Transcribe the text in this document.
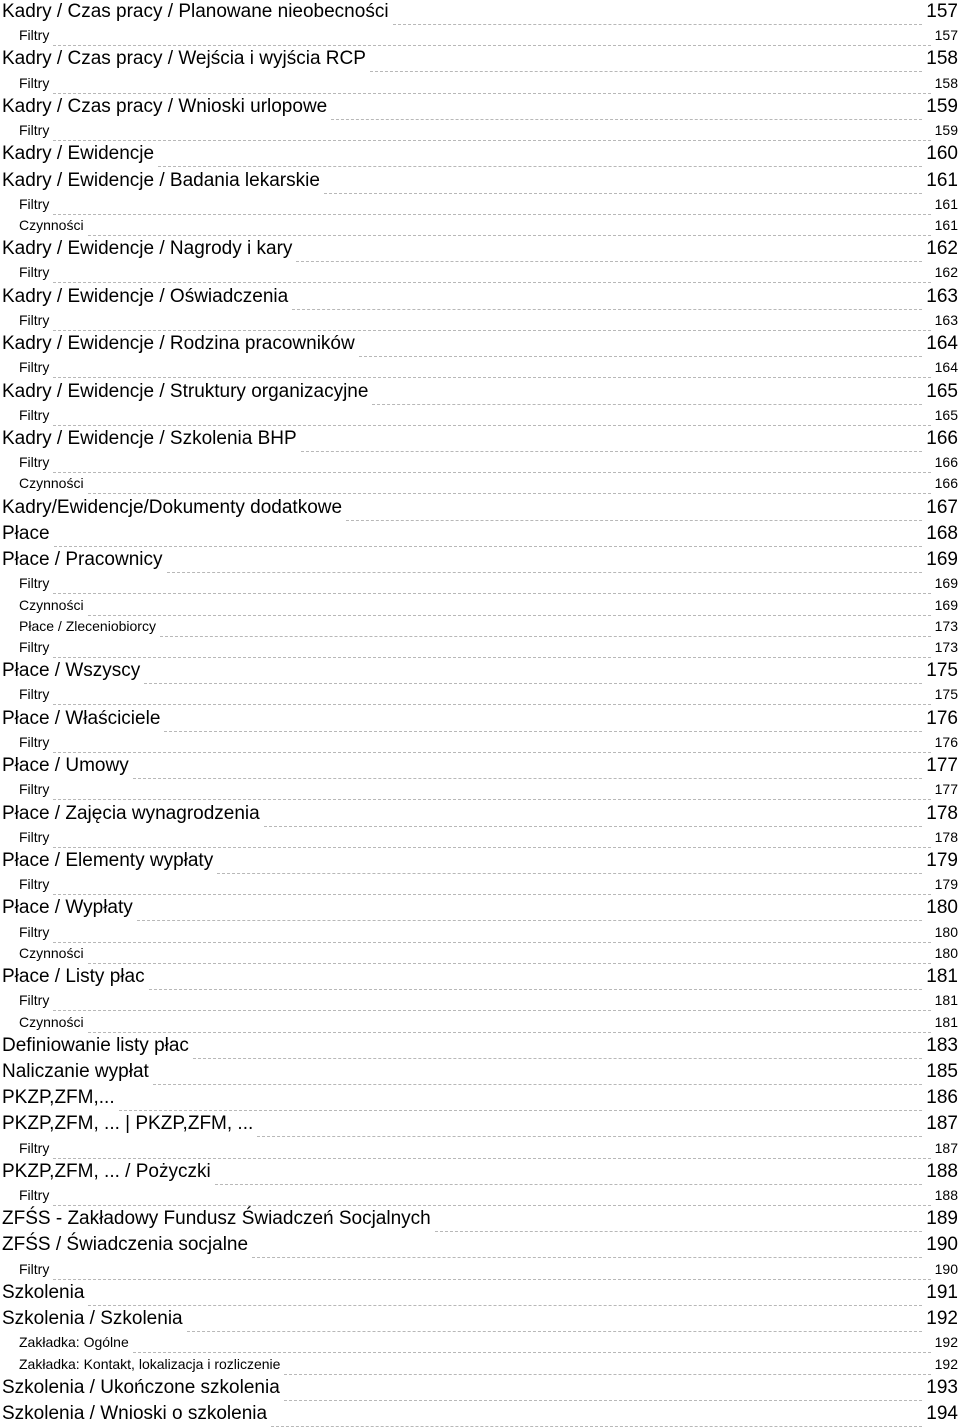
Kadry / Czas pracy / Planowane nieobecności	157
Filtry	157
Kadry / Czas pracy / Wejścia i wyjścia RCP	158
Filtry	158
Kadry / Czas pracy / Wnioski urlopowe	159
Filtry	159
Kadry / Ewidencje	160
Kadry / Ewidencje / Badania lekarskie	161
Filtry	161
Czynności	161
Kadry / Ewidencje / Nagrody i kary	162
Filtry	162
Kadry / Ewidencje / Oświadczenia	163
Filtry	163
Kadry / Ewidencje / Rodzina pracowników	164
Filtry	164
Kadry / Ewidencje / Struktury organizacyjne	165
Filtry	165
Kadry / Ewidencje / Szkolenia BHP	166
Filtry	166
Czynności	166
Kadry/Ewidencje/Dokumenty dodatkowe	167
Płace	168
Płace / Pracownicy	169
Filtry	169
Czynności	169
Płace / Zleceniobiorcy	173
Filtry	173
Płace / Wszyscy	175
Filtry	175
Płace / Właściciele	176
Filtry	176
Płace / Umowy	177
Filtry	177
Płace / Zajęcia wynagrodzenia	178
Filtry	178
Płace / Elementy wypłaty	179
Filtry	179
Płace / Wypłaty	180
Filtry	180
Czynności	180
Płace / Listy płac	181
Filtry	181
Czynności	181
Definiowanie listy płac	183
Naliczanie wypłat	185
PKZP,ZFM,...	186
PKZP,ZFM, ... | PKZP,ZFM, ...	187
Filtry	187
PKZP,ZFM, ... / Pożyczki	188
Filtry	188
ZFŚS - Zakładowy Fundusz Świadczeń Socjalnych	189
ZFŚS / Świadczenia socjalne	190
Filtry	190
Szkolenia	191
Szkolenia / Szkolenia	192
Zakładka: Ogólne	192
Zakładka: Kontakt, lokalizacja i rozliczenie	192
Szkolenia / Ukończone szkolenia	193
Szkolenia / Wnioski o szkolenia	194
